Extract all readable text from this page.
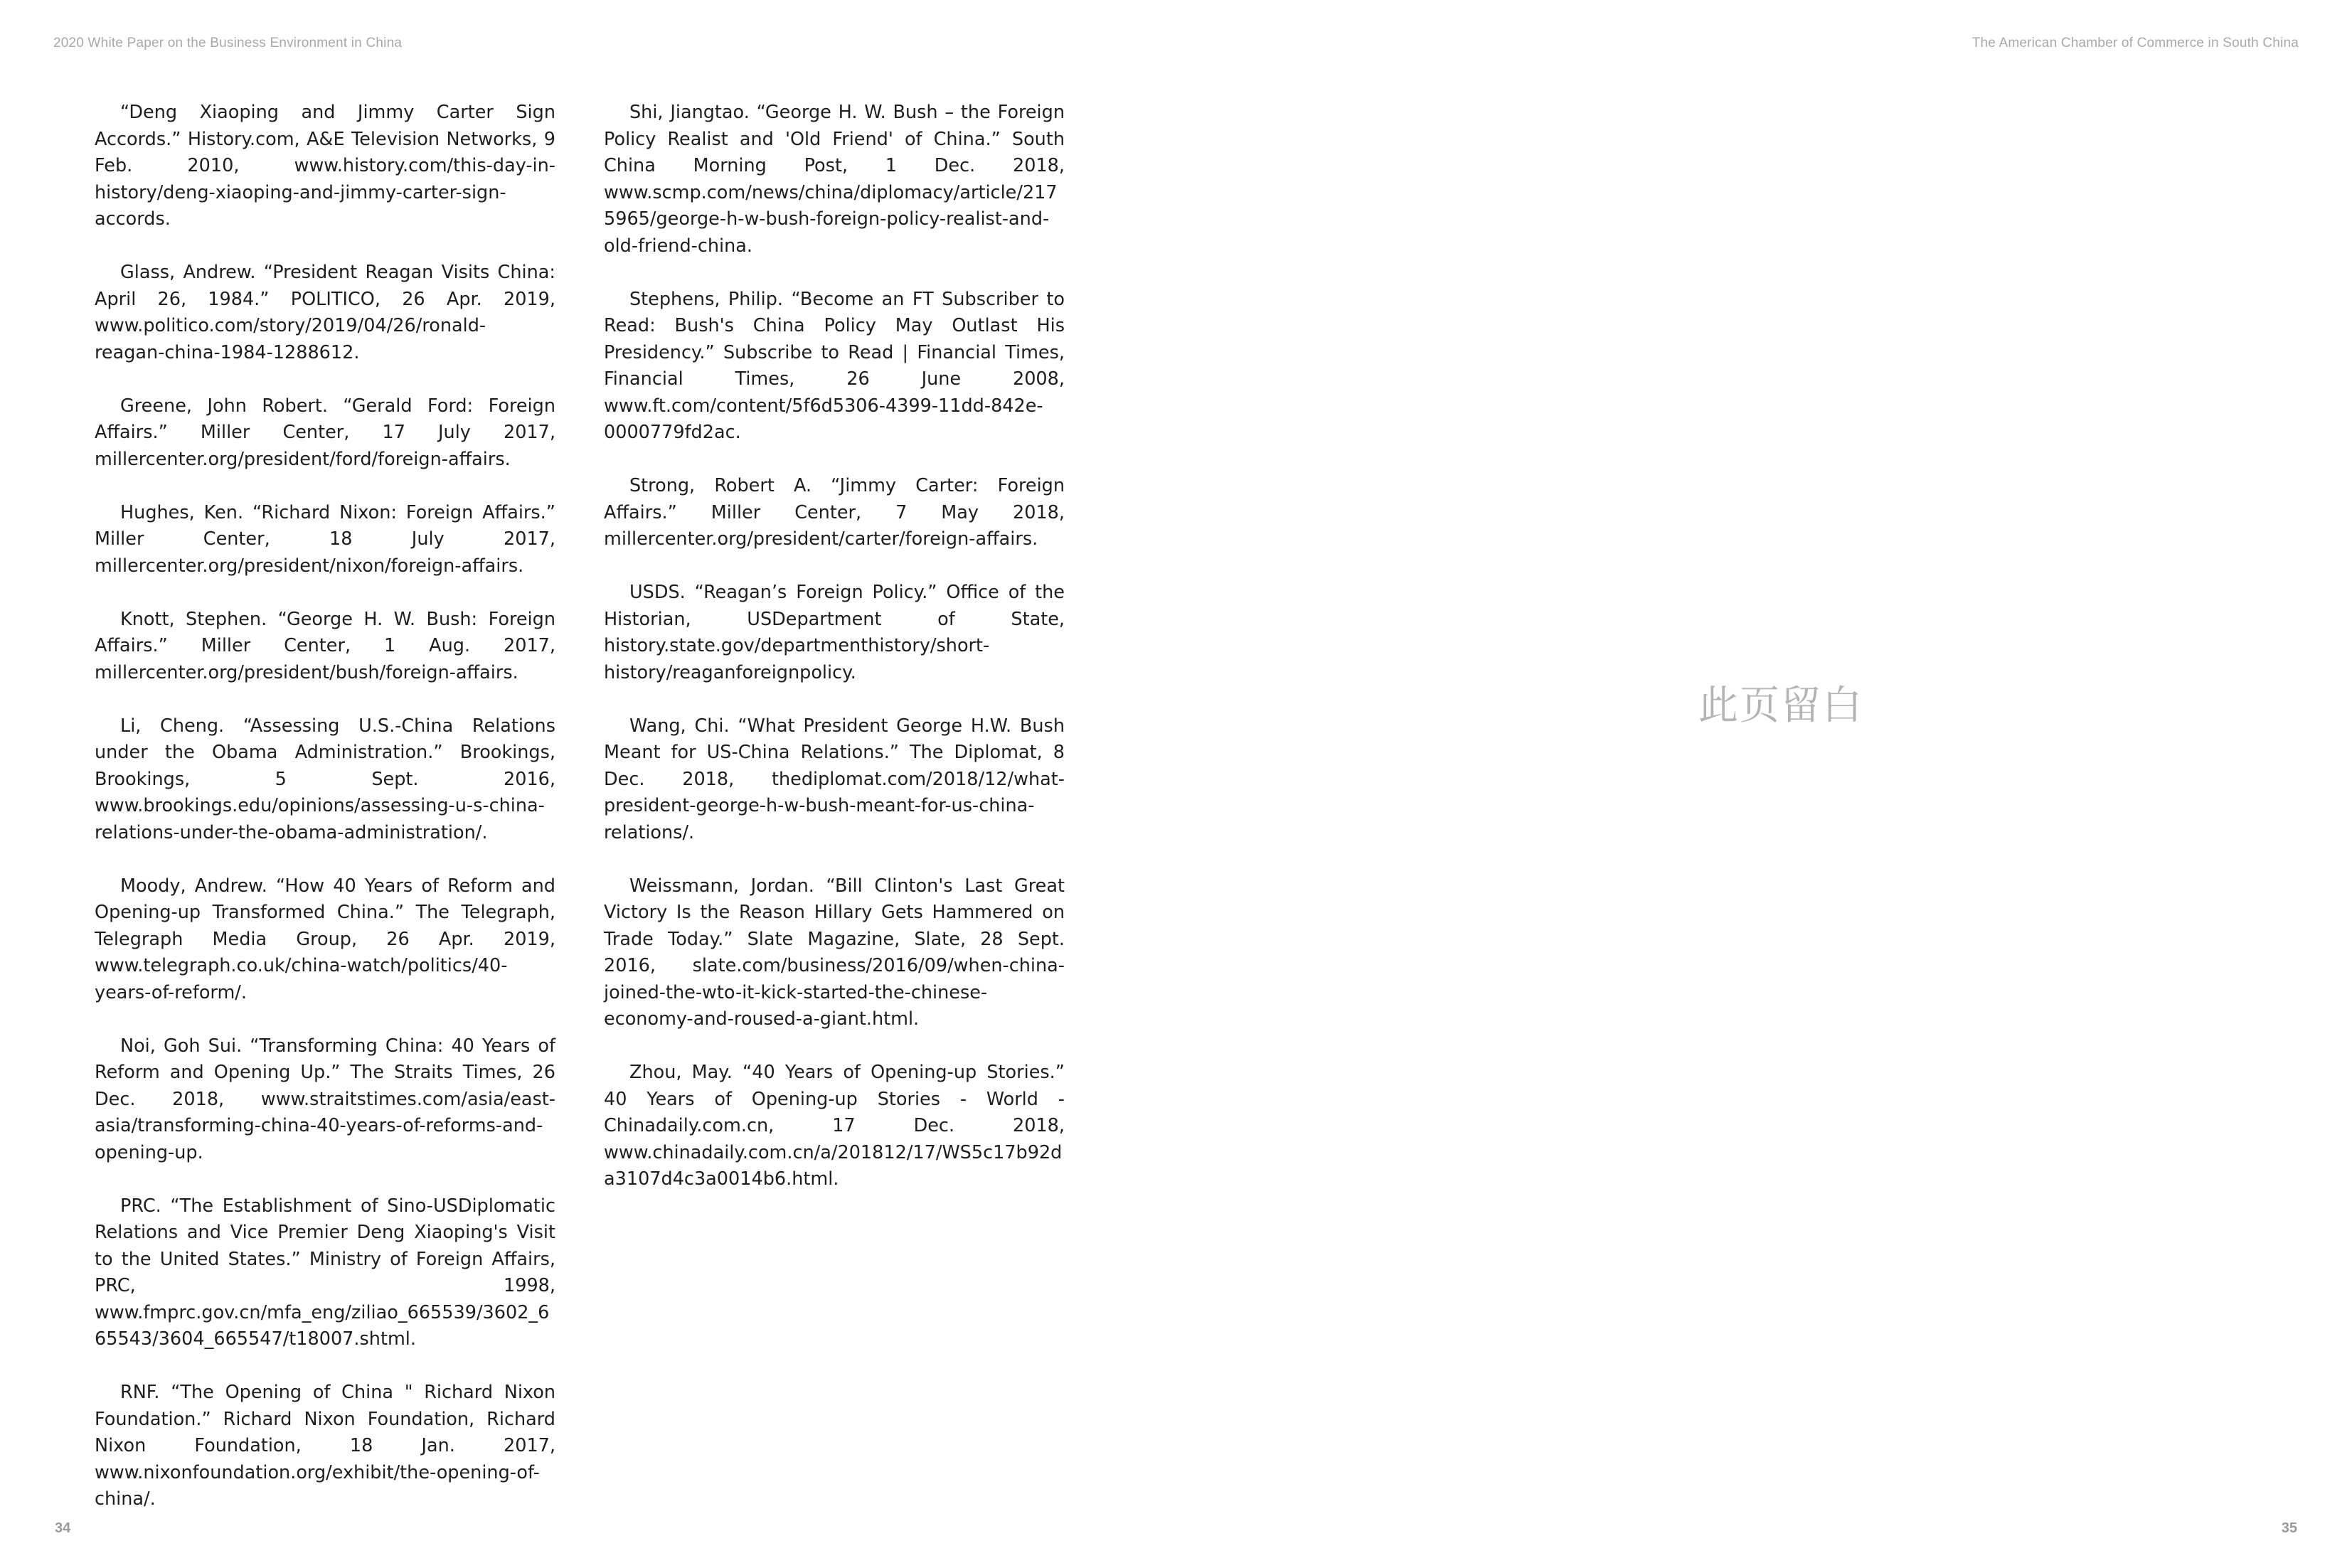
2020 White Paper on the Business Environment in China	The American Chamber of Commerce in South China

“Deng Xiaoping and Jimmy Carter Sign Accords.” History.com, A&E Television Networks, 9 Feb. 2010, www.history.com/this-day-in-history/deng-xiaoping-and-jimmy-carter-sign-accords.

Glass, Andrew. “President Reagan Visits China: April 26, 1984.” POLITICO, 26 Apr. 2019, www.politico.com/story/2019/04/26/ronald-reagan-china-1984-1288612.

Greene, John Robert. “Gerald Ford: Foreign Affairs.” Miller Center, 17 July 2017, millercenter.org/president/ford/foreign-affairs.

Hughes, Ken. “Richard Nixon: Foreign Affairs.” Miller Center, 18 July 2017, millercenter.org/president/nixon/foreign-affairs.

Knott, Stephen. “George H. W. Bush: Foreign Affairs.” Miller Center, 1 Aug. 2017, millercenter.org/president/bush/foreign-affairs.

Li, Cheng. “Assessing U.S.-China Relations under the Obama Administration.” Brookings, Brookings, 5 Sept. 2016, www.brookings.edu/opinions/assessing-u-s-china-relations-under-the-obama-administration/.

Moody, Andrew. “How 40 Years of Reform and Opening-up Transformed China.” The Telegraph, Telegraph Media Group, 26 Apr. 2019, www.telegraph.co.uk/china-watch/politics/40-years-of-reform/.

Noi, Goh Sui. “Transforming China: 40 Years of Reform and Opening Up.” The Straits Times, 26 Dec. 2018, www.straitstimes.com/asia/east-asia/transforming-china-40-years-of-reforms-and-opening-up.

PRC. “The Establishment of Sino-USDiplomatic Relations and Vice Premier Deng Xiaoping's Visit to the United States.” Ministry of Foreign Affairs, PRC, 1998, www.fmprc.gov.cn/mfa_eng/ziliao_665539/3602_665543/3604_665547/t18007.shtml.

RNF. “The Opening of China " Richard Nixon Foundation.” Richard Nixon Foundation, Richard Nixon Foundation, 18 Jan. 2017, www.nixonfoundation.org/exhibit/the-opening-of-china/.

Shi, Jiangtao. “George H. W. Bush – the Foreign Policy Realist and 'Old Friend' of China.” South China Morning Post, 1 Dec. 2018, www.scmp.com/news/china/diplomacy/article/2175965/george-h-w-bush-foreign-policy-realist-and-old-friend-china.

Stephens, Philip. “Become an FT Subscriber to Read: Bush's China Policy May Outlast His Presidency.” Subscribe to Read | Financial Times, Financial Times, 26 June 2008, www.ft.com/content/5f6d5306-4399-11dd-842e-0000779fd2ac.

Strong, Robert A. “Jimmy Carter: Foreign Affairs.” Miller Center, 7 May 2018, millercenter.org/president/carter/foreign-affairs.

USDS. “Reagan’s Foreign Policy.” Office of the Historian, USDepartment of State, history.state.gov/departmenthistory/short-history/reaganforeignpolicy.

Wang, Chi. “What President George H.W. Bush Meant for US-China Relations.” The Diplomat, 8 Dec. 2018, thediplomat.com/2018/12/what-president-george-h-w-bush-meant-for-us-china-relations/.

Weissmann, Jordan. “Bill Clinton's Last Great Victory Is the Reason Hillary Gets Hammered on Trade Today.” Slate Magazine, Slate, 28 Sept. 2016, slate.com/business/2016/09/when-china-joined-the-wto-it-kick-started-the-chinese-economy-and-roused-a-giant.html.

Zhou, May. “40 Years of Opening-up Stories.” 40 Years of Opening-up Stories - World - Chinadaily.com.cn, 17 Dec. 2018, www.chinadaily.com.cn/a/201812/17/WS5c17b92da3107d4c3a0014b6.html.

此页留白
34	35
